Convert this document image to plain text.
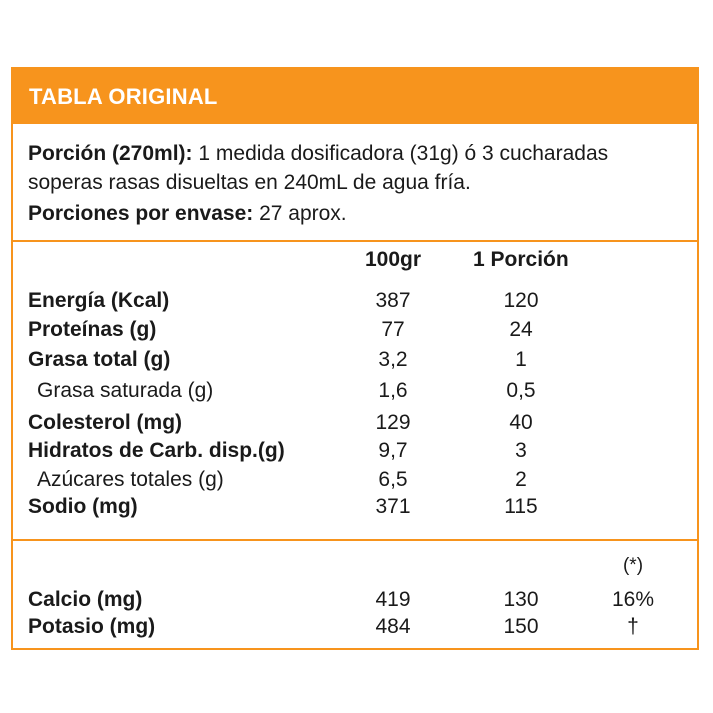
TABLA ORIGINAL
Porción (270ml): 1 medida dosificadora (31g) ó 3 cucharadas soperas rasas disueltas en 240mL de agua fría.
Porciones por envase: 27 aprox.
100gr 1 Porción
Energía (Kcal)	387	120
Proteínas (g)	77	24
Grasa total (g)	3,2	1
Grasa saturada (g)	1,6	0,5
Colesterol (mg)	129	40
Hidratos de Carb. disp.(g)	9,7	3
Azúcares totales (g)	6,5	2
Sodio (mg)	371	115
(*)
Calcio (mg)	419	130	16%
Potasio (mg)	484	150	†
